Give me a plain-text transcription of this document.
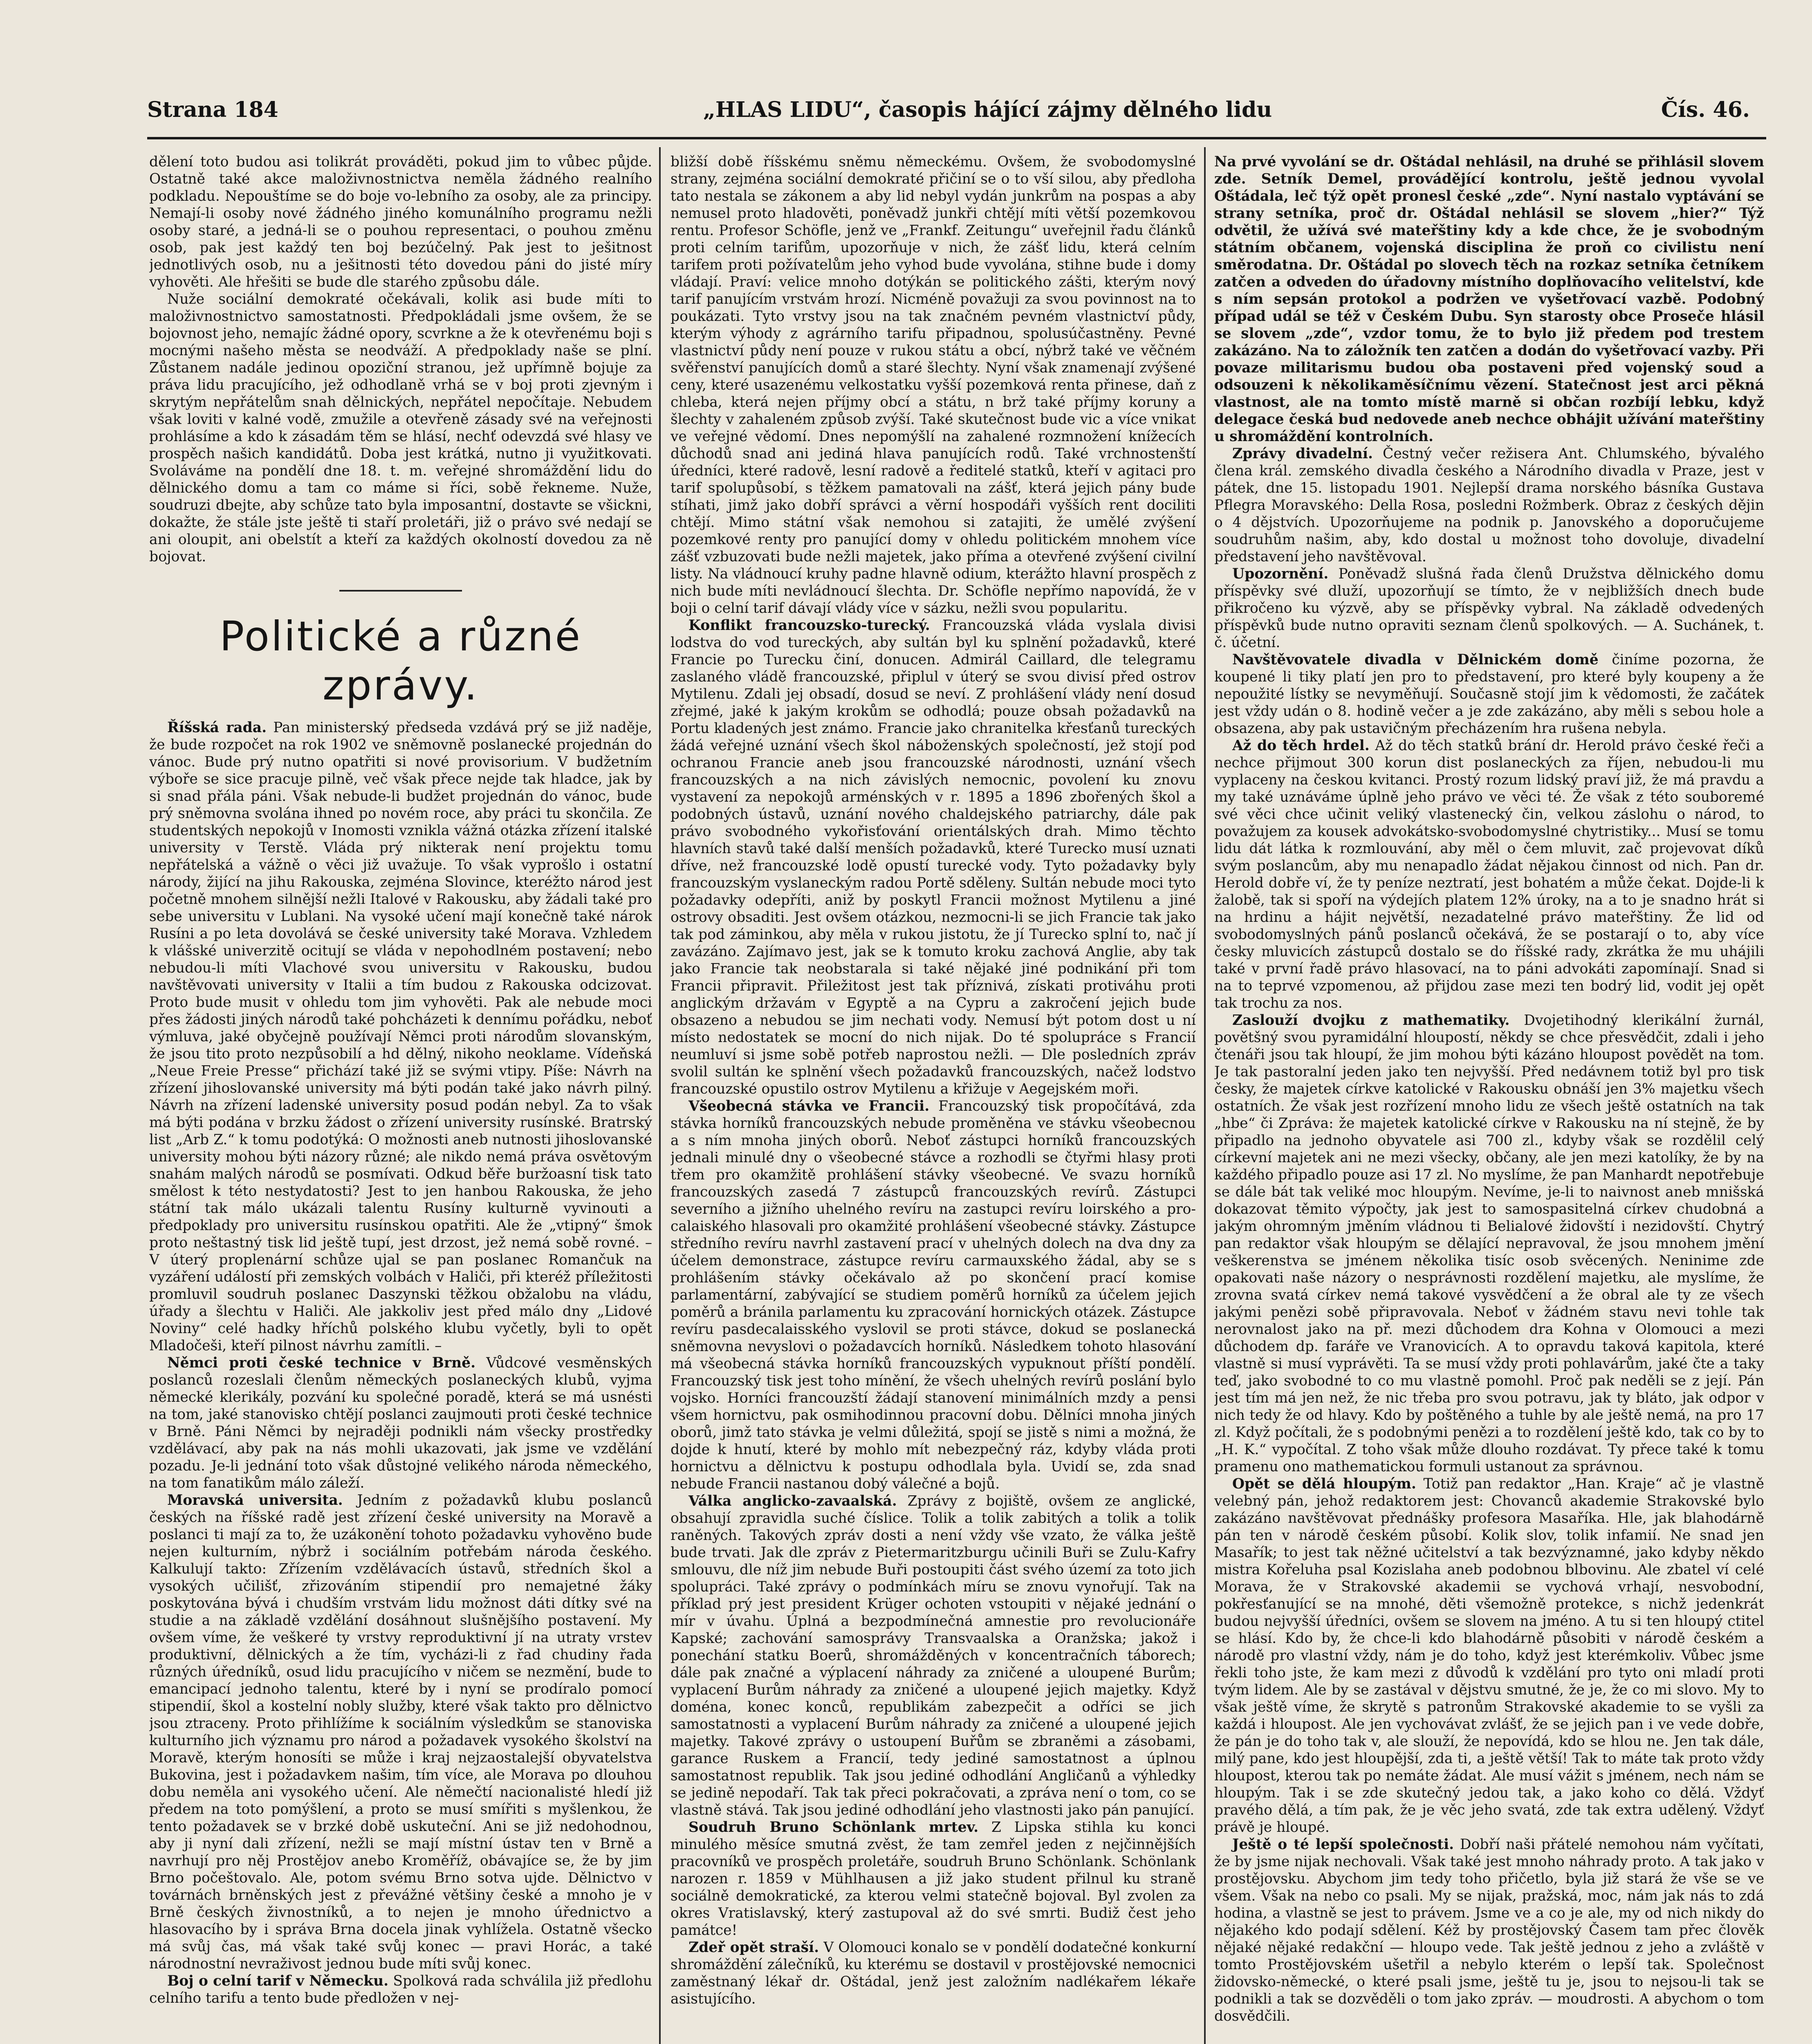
Strana 184	„HLAS LIDU“, časopis hájící zájmy dělného lidu	Čís. 46.

dělení toto budou asi tolikrát prováděti, pokud jim to vůbec půjde. Ostatně také akce maloživnostnictva neměla žádného realního podkladu. Nepouštíme se do boje vo-lebního za osoby, ale za principy. Nemají-li osoby nové žádného jiného komunálního programu nežli osoby staré, a jedná-li se o pouhou representaci, o pouhou změnu osob, pak jest každý ten boj bezúčelný. Pak jest to ješitnost jednotlivých osob, nu a ješitnosti této dovedou páni do jisté míry vyhověti. Ale hřešiti se bude dle starého způsobu dále.

Nuže sociální demokraté očekávali, kolik asi bude míti to maloživnostnictvo samostatnosti. Předpokládali jsme ovšem, že se bojovnost jeho, nemajíc žádné opory, scvrkne a že k otevřenému boji s mocnými našeho města se neodváží. A předpoklady naše se plní. Zůstanem nadále jedinou opoziční stranou, jež upřímně bojuje za práva lidu pracujícího, jež odhodlaně vrhá se v boj proti zjevným i skrytým nepřátelům snah dělnických, nepřátel nepočítaje. Nebudem však loviti v kalné vodě, zmužile a otevřeně zásady své na veřejnosti prohlásíme a kdo k zásadám těm se hlásí, nechť odevzdá své hlasy ve prospěch našich kandidátů. Doba jest krátká, nutno ji využitkovati. Svoláváme na pondělí dne 18. t. m. veřejné shromáždění lidu do dělnického domu a tam co máme si říci, sobě řekneme. Nuže, soudruzi dbejte, aby schůze tato byla imposantní, dostavte se všickni, dokažte, že stále jste ještě ti staří proletáři, již o právo své nedají se ani oloupit, ani obelstít a kteří za každých okolností dovedou za ně bojovat.

Politické a různé zprávy.

Říšská rada. Pan ministerský předseda vzdává prý se již naděje, že bude rozpočet na rok 1902 ve sněmovně poslanecké projednán do vánoc. Bude prý nutno opatřiti si nové provisorium. V budžetním výboře se sice pracuje pilně, več však přece nejde tak hladce, jak by si snad přála páni. Však nebude-li budžet projednán do vánoc, bude prý sněmovna svolána ihned po novém roce, aby práci tu skončila. Ze studentských nepokojů v Inomosti vznikla vážná otázka zřízení italské university v Terstě. Vláda prý nikterak není projektu tomu nepřátelská a vážně o věci již uvažuje. To však vyprošlo i ostatní národy, žijící na jihu Rakouska, zejména Slovince, kteréžto národ jest početně mnohem silnější nežli Italové v Rakousku, aby žádali také pro sebe universitu v Lublani. Na vysoké učení mají konečně také nárok Rusíni a po leta dovolává se české university také Morava. Vzhledem k vlášské univerzitě ocitují se vláda v nepohodlném postavení; nebo nebudou-li míti Vlachové svou universitu v Rakousku, budou navštěvovati university v Italii a tím budou z Rakouska odcizovat. Proto bude musit v ohledu tom jim vyhověti. Pak ale nebude moci přes žádosti jiných národů také pohcházeti k dennímu pořádku, neboť výmluva, jaké obyčejně používají Němci proti národům slovanským, že jsou tito proto nezpůsobilí a hd dělný, nikoho neoklame. Vídeňská „Neue Freie Presse“ přichází také již se svými vtipy. Píše: Návrh na zřízení jihoslovanské university má býti podán také jako návrh pilný. Návrh na zřízení ladenské university posud podán nebyl. Za to však má býti podána v brzku žádost o zřízení university rusínské. Bratrský list „Arb Z.“ k tomu podotýká: O možnosti aneb nutnosti jihoslovanské university mohou býti názory různé; ale nikdo nemá práva osvětovým snahám malých národů se posmívati. Odkud běře buržoasní tisk tato smělost k této nestydatosti? Jest to jen hanbou Rakouska, že jeho státní tak málo ukázali talentu Rusíny kulturně vyvinouti a předpoklady pro universitu rusínskou opatřiti. Ale že „vtipný“ šmok proto neštastný tisk lid ještě tupí, jest drzost, jež nemá sobě rovné. – V úterý proplenární schůze ujal se pan poslanec Romančuk na vyzáření událostí při zemských volbách v Haliči, při kteréž příležitosti promluvil soudruh poslanec Daszynski těžkou obžalobu na vládu, úřady a šlechtu v Haliči. Ale jakkoliv jest před málo dny „Lidové Noviny“ celé hadky hříchů polského klubu vyčetly, byli to opět Mladočeši, kteří pilnost návrhu zamítli. –

Němci proti české technice v Brně. Vůdcové vesměnských poslanců rozeslali členům německých poslaneckých klubů, vyjma německé klerikály, pozvání ku společné poradě, která se má usnésti na tom, jaké stanovisko chtějí poslanci zaujmouti proti české technice v Brně. Páni Němci by nejraději podnikli nám všecky prostředky vzdělávací, aby pak na nás mohli ukazovati, jak jsme ve vzdělání pozadu. Je-li jednání toto však důstojné velikého národa německého, na tom fanatikům málo záleží.

Moravská universita. Jedním z požadavků klubu poslanců českých na říšské radě jest zřízení české university na Moravě a poslanci ti mají za to, že uzákonění tohoto požadavku vyhověno bude nejen kulturním, nýbrž i sociálním potřebám národa českého. Kalkulují takto: Zřízením vzdělávacích ústavů, středních škol a vysokých učilišť, zřizováním stipendií pro nemajetné žáky poskytována bývá i chudším vrstvám lidu možnost dáti dítky své na studie a na základě vzdělání dosáhnout slušnějšího postavení. My ovšem víme, že veškeré ty vrstvy reproduktivní jí na utraty vrstev produktivní, dělnických a že tím, vycházi-li z řad chudiny řada různých úředníků, osud lidu pracujícího v ničem se nezmění, bude to emancipací jednoho talentu, které by i nyní se prodíralo pomocí stipendií, škol a kostelní nobly služby, které však takto pro dělnictvo jsou ztraceny. Proto přihlížíme k sociálním výsledkům se stanoviska kulturního jich významu pro národ a požadavek vysokého školství na Moravě, kterým honosíti se může i kraj nejzaostalejší obyvatelstva Bukovina, jest i požadavkem našim, tím více, ale Morava po dlouhou dobu neměla ani vysokého učení. Ale němečtí nacionalisté hledí již předem na toto pomýšlení, a proto se musí smířiti s myšlenkou, že tento požadavek se v brzké době uskuteční. Ani se již nedohodnou, aby ji nyní dali zřízení, nežli se mají místní ústav ten v Brně a navrhují pro něj Prostějov anebo Kroměříž, obávajíce se, že by jim Brno počeštovalo. Ale, potom svému Brno sotva ujde. Dělnictvo v továrnách brněnských jest z převážné většiny české a mnoho je v Brně českých živnostníků, a to nejen je mnoho úřednictvo a hlasovacího by i správa Brna docela jinak vyhlížela. Ostatně všecko má svůj čas, má však také svůj konec — pravi Horác, a také národnostní nevraživost jednou bude míti svůj konec.

Boj o celní tarif v Německu. Spolková rada schválila již předlohu celního tarifu a tento bude předložen v nej-

bližší době říšskému sněmu německému. Ovšem, že svobodomyslné strany, zejména sociální demokraté přičiní se o to vší silou, aby předloha tato nestala se zákonem a aby lid nebyl vydán junkrům na pospas a aby nemusel proto hladověti, poněvadž junkři chtějí míti větší pozemkovou rentu. Profesor Schöfle, jenž ve „Frankf. Zeitungu“ uveřejnil řadu článků proti celním tarifům, upozorňuje v nich, že zášť lidu, která celním tarifem proti požívatelům jeho vyhod bude vyvolána, stihne bude i domy vládají. Praví: velice mnoho dotýkán se politického zášti, kterým nový tarif panujícím vrstvám hrozí. Nicméně považuji za svou povinnost na to poukázati. Tyto vrstvy jsou na tak značném pevném vlastnictví půdy, kterým výhody z agrárního tarifu připadnou, spolusúčastněny. Pevné vlastnictví půdy není pouze v rukou státu a obcí, nýbrž také ve věčném svěřenství panujících domů a staré šlechty. Nyní však znamenají zvýšené ceny, které usazenému velkostatku vyšší pozemková renta přinese, daň z chleba, která nejen příjmy obcí a státu, n brž také příjmy koruny a šlechty v zahaleném způsob zvýší. Také skutečnost bude vic a více vnikat ve veřejné vědomí. Dnes nepomýšlí na zahalené rozmnožení knížecích důchodů snad ani jediná hlava panujících rodů. Také vrchnostenští úředníci, které radově, lesní radově a ředitelé statků, kteří v agitaci pro tarif spolupůsobí, s těžkem pamatovali na zášť, která jejich pány bude stíhati, jimž jako dobří správci a věrní hospodáři vyšších rent dociliti chtějí. Mimo státní však nemohou si zatajiti, že umělé zvýšení pozemkové renty pro panující domy v ohledu politickém mnohem více zášť vzbuzovati bude nežli majetek, jako příma a otevřené zvýšení civilní listy. Na vládnoucí kruhy padne hlavně odium, kterážto hlavní prospěch z nich bude míti nevládnoucí šlechta. Dr. Schöfle nepřímo napovídá, že v boji o celní tarif dávají vlády více v sázku, nežli svou popularitu.

Konflikt francouzsko-turecký. Francouzská vláda vyslala divisi lodstva do vod tureckých, aby sultán byl ku splnění požadavků, které Francie po Turecku činí, donucen. Admirál Caillard, dle telegramu zaslaného vládě francouzské, připlul v úterý se svou divisí před ostrov Mytilenu. Zdali jej obsadí, dosud se neví. Z prohlášení vlády není dosud zřejmé, jaké k jakým krokům se odhodlá; pouze obsah požadavků na Portu kladených jest známo. Francie jako chranitelka křesťanů tureckých žádá veřejné uznání všech škol náboženských společností, jež stojí pod ochranou Francie aneb jsou francouzské národnosti, uznání všech francouzských a na nich závislých nemocnic, povolení ku znovu vystavení za nepokojů arménských v r. 1895 a 1896 zbořených škol a podobných ústavů, uznání nového chaldejského patriarchy, dále pak právo svobodného vykořisťování orientálských drah. Mimo těchto hlavních stavů také další menších požadavků, které Turecko musí uznati dříve, než francouzské lodě opustí turecké vody. Tyto požadavky byly francouzským vyslaneckým radou Portě sděleny. Sultán nebude moci tyto požadavky odepříti, aniž by poskytl Francii možnost Mytilenu a jiné ostrovy obsaditi. Jest ovšem otázkou, nezmocni-li se jich Francie tak jako tak pod záminkou, aby měla v rukou jistotu, že jí Turecko splní to, nač jí zavázáno. Zajímavo jest, jak se k tomuto kroku zachová Anglie, aby tak jako Francie tak neobstarala si také nějaké jiné podnikání při tom Francii připravit. Přiležitost jest tak příznivá, získati protiváhu proti anglickým državám v Egyptě a na Cypru a zakročení jejich bude obsazeno a nebudou se jim nechati vody. Nemusí být potom dost u ní místo nedostatek se mocní do nich nijak. Do té spolupráce s Francií neumluví si jsme sobě potřeb naprostou nežli. — Dle posledních zpráv svolil sultán ke splnění všech požadavků francouzských, načež lodstvo francouzské opustilo ostrov Mytilenu a křižuje v Aegejském moři.

Všeobecná stávka ve Francii. Francouzský tisk propočítává, zda stávka horníků francouzských nebude proměněna ve stávku všeobecnou a s ním mnoha jiných oborů. Neboť zástupci horníků francouzských jednali minulé dny o všeobecné stávce a rozhodli se čtyřmi hlasy proti třem pro okamžitě prohlášení stávky všeobecné. Ve svazu horníků francouzských zasedá 7 zástupců francouzských revírů. Zástupci severního a jižního uhelného revíru na zastupci revíru loirského a pro-calaiského hlasovali pro okamžité prohlášení všeobecné stávky. Zástupce středního revíru navrhl zastavení prací v uhelných dolech na dva dny za účelem demonstrace, zástupce revíru carmauxského žádal, aby se s prohlášením stávky očekávalo až po skončení prací komise parlamentární, zabývající se studiem poměrů horníků za účelem jejich poměrů a bránila parlamentu ku zpracování hornických otázek. Zástupce revíru pasdecalaisského vyslovil se proti stávce, dokud se poslanecká sněmovna nevyslovi o požadavcích horníků. Následkem tohoto hlasování má všeobecná stávka horníků francouzských vypuknout příští pondělí. Francouzský tisk jest toho mínění, že všech uhelných revírů poslání bylo vojsko. Horníci francouzští žádají stanovení minimálních mzdy a pensi všem hornictvu, pak osmihodinnou pracovní dobu. Dělníci mnoha jiných oborů, jimž tato stávka je velmi důležitá, spojí se jistě s nimi a možná, že dojde k hnutí, které by mohlo mít nebezpečný ráz, kdyby vláda proti hornictvu a dělnictvu k postupu odhodlala byla. Uvidí se, zda snad nebude Francii nastanou dobý válečné a bojů.

Válka anglicko-zavaalská. Zprávy z bojiště, ovšem ze anglické, obsahují zpravidla suché číslice. Tolik a tolik zabitých a tolik a tolik raněných. Takových zpráv dosti a není vždy vše vzato, že válka ještě bude trvati. Jak dle zpráv z Pietermaritzburgu učinili Buři se Zulu-Kafry smlouvu, dle níž jim nebude Buři postoupiti část svého území za toto jich spolupráci. Také zprávy o podmínkách míru se znovu vynořují. Tak na příklad prý jest president Krüger ochoten vstoupiti v nějaké jednání o mír v úvahu. Úplná a bezpodmínečná amnestie pro revolucionáře Kapské; zachování samosprávy Transvaalska a Oranžska; jakož i ponechání statku Boerů, shromážděných v koncentračních táborech; dále pak značné a výplacení náhrady za zničené a uloupené Burům; vyplacení Burům náhrady za zničené a uloupené jejich majetky. Když doména, konec konců, republikám zabezpečit a odříci se jich samostatnosti a vyplacení Burům náhrady za zničené a uloupené jejich majetky. Takové zprávy o ustoupení Buřům se zbraněmi a zásobami, garance Ruskem a Francií, tedy jediné samostatnost a úplnou samostatnost republik. Tak jsou jediné odhodlání Angličanů a výhledky se jedině nepodaří. Tak tak přeci pokračovati, a zpráva není o tom, co se vlastně stává. Tak jsou jediné odhodlání jeho vlastnosti jako pán panující.

Soudruh Bruno Schönlank mrtev. Z Lipska stihla ku konci minulého měsíce smutná zvěst, že tam zemřel jeden z nejčinnějších pracovníků ve prospěch proletáře, soudruh Bruno Schönlank. Schönlank narozen r. 1859 v Mühlhausen a již jako student přilnul ku straně sociálně demokratické, za kterou velmi statečně bojoval. Byl zvolen za okres Vratislavský, který zastupoval až do své smrti. Budiž čest jeho památce!

Zdeř opět straší. V Olomouci konalo se v pondělí dodatečné konkurní shromáždění zálečníků, ku kterému se dostavil v prostějovské nemocnici zaměstnaný lékař dr. Oštádal, jenž jest založním nadlékařem lékaře asistujícího.

Na prvé vyvolání se dr. Oštádal nehlásil, na druhé se přihlásil slovem zde. Setník Demel, provádějící kontrolu, ještě jednou vyvolal Oštádala, leč týž opět pronesl české „zde“. Nyní nastalo vyptávání se strany setníka, proč dr. Oštádal nehlásil se slovem „hier?“ Týž odvětil, že užívá své mateřštiny kdy a kde chce, že je svobodným státním občanem, vojenská disciplina že proň co civilistu není směrodatna. Dr. Oštádal po slovech těch na rozkaz setníka četníkem zatčen a odveden do úřadovny místního doplňovacího velitelství, kde s ním sepsán protokol a podržen ve vyšetřovací vazbě. Podobný případ udál se též v Českém Dubu. Syn starosty obce Proseče hlásil se slovem „zde“, vzdor tomu, že to bylo již předem pod trestem zakázáno. Na to záložník ten zatčen a dodán do vyšetřovací vazby. Při povaze militarismu budou oba postaveni před vojenský soud a odsouzeni k několikaměsíčnímu vězení. Statečnost jest arci pěkná vlastnost, ale na tomto místě marně si občan rozbíjí lebku, když delegace česká bud nedovede aneb nechce obhájit užívání mateřštiny u shromáždění kontrolních.

Zprávy divadelní. Čestný večer režisera Ant. Chlumského, bývalého člena král. zemského divadla českého a Národního divadla v Praze, jest v pátek, dne 15. listopadu 1901. Nejlepší drama norského básníka Gustava Pflegra Moravského: Della Rosa, posledni Rožmberk. Obraz z českých dějin o 4 dějstvích. Upozorňujeme na podnik p. Janovského a doporučujeme soudruhům našim, aby, kdo dostal u možnost toho dovoluje, divadelní představení jeho navštěvoval.

Upozornění. Poněvadž slušná řada členů Družstva dělnického domu příspěvky své dluží, upozorňují se tímto, že v nejbližších dnech bude přikročeno ku výzvě, aby se příspěvky vybral. Na základě odvedených příspěvků bude nutno opraviti seznam členů spolkových. — A. Suchánek, t. č. účetní.

Navštěvovatele divadla v Dělnickém domě činíme pozorna, že koupené li tiky platí jen pro to představení, pro které byly koupeny a že nepoužité lístky se nevyměňují. Současně stojí jim k vědomosti, že začátek jest vždy udán o 8. hodině večer a je zde zakázáno, aby měli s sebou hole a obsazena, aby pak ustavičným přecházením hra rušena nebyla.

Až do těch hrdel. Až do těch statků brání dr. Herold právo české řeči a nechce přijmout 300 korun dist poslaneckých za říjen, nebudou-li mu vyplaceny na českou kvitanci. Prostý rozum lidský praví již, že má pravdu a my také uznáváme úplně jeho právo ve věci té. Že však z této souboremé své věci chce učinit veliký vlastenecký čin, velkou záslohu o národ, to považujem za kousek advokátsko-svobodomyslné chytristiky... Musí se tomu lidu dát látka k rozmlouvání, aby měl o čem mluvit, zač projevovat díků svým poslancům, aby mu nenapadlo žádat nějakou činnost od nich. Pan dr. Herold dobře ví, že ty peníze neztratí, jest bohatém a může čekat. Dojde-li k žalobě, tak si spoří na výdejích platem 12% úroky, na a to je snadno hrát si na hrdinu a hájit největší, nezadatelné právo mateřštiny. Že lid od svobodomyslných pánů poslanců očekává, že se postarají o to, aby více česky mluvicích zástupců dostalo se do říšské rady, zkrátka že mu uhájili také v první řadě právo hlasovací, na to páni advokáti zapomínají. Snad si na to teprvé vzpomenou, až přijdou zase mezi ten bodrý lid, vodit jej opět tak trochu za nos.

Zaslouží dvojku z mathematiky. Dvojetihodný klerikální žurnál, povětšný svou pyramidální hloupostí, někdy se chce přesvědčit, zdali i jeho čtenáři jsou tak hloupí, že jim mohou býti kázáno hloupost povědět na tom. Je tak pastoralní jeden jako ten nejvyšší. Před nedávnem totiž byl pro tisk česky, že majetek církve katolické v Rakousku obnáší jen 3% majetku všech ostatních. Že však jest rozřízení mnoho lidu ze všech ještě ostatních na tak „hbe“ či Zpráva: že majetek katolické církve v Rakousku na ní stejně, že by připadlo na jednoho obyvatele asi 700 zl., kdyby však se rozdělil celý církevní majetek ani ne mezi všecky, občany, ale jen mezi katolíky, že by na každého připadlo pouze asi 17 zl. No myslíme, že pan Manhardt nepotřebuje se dále bát tak veliké moc hloupým. Nevíme, je-li to naivnost aneb mnišská dokazovat těmito výpočty, jak jest to samospasitelná církev chudobná a jakým ohromným jměním vládnou ti Belialové židovští i nezidovští. Chytrý pan redaktor však hloupým se dělající nepravoval, že jsou mnohem jmění veškerenstva se jménem několika tisíc osob svěcených. Neninime zde opakovati naše názory o nesprávnosti rozdělení majetku, ale myslíme, že zrovna svatá církev nemá takové vysvědčení a že obral ale ty ze všech jakými penězi sobě připravovala. Neboť v žádném stavu nevi tohle tak nerovnalost jako na př. mezi důchodem dra Kohna v Olomouci a mezi důchodem dp. faráře ve Vranovicích. A to opravdu taková kapitola, které vlastně si musí vyprávěti. Ta se musí vždy proti pohlavárům, jaké čte a taky teď, jako svobodné to co mu vlastně pomohl. Proč pak neděli se z její. Pán jest tím má jen než, že nic třeba pro svou potravu, jak ty bláto, jak odpor v nich tedy že od hlavy. Kdo by poštěného a tuhle by ale ještě nemá, na pro 17 zl. Když počítali, že s podobnými penězi a to rozdělení ještě kdo, tak co by to „H. K.“ vypočítal. Z toho však může dlouho rozdávat. Ty přece také k tomu pramenu ono mathematickou formuli ustanout za správnou.

Opět se dělá hloupým. Totiž pan redaktor „Han. Kraje“ ač je vlastně velebný pán, jehož redaktorem jest: Chovanců akademie Strakovské bylo zakázáno navštěvovat přednášky profesora Masaříka. Hle, jak blahodárně pán ten v národě českém působí. Kolik slov, tolik infamií. Ne snad jen Masařík; to jest tak něžné učitelství a tak bezvýznamné, jako kdyby někdo mistra Kořeluha psal Kozislaha aneb podobnou blbovinu. Ale zbatel ví celé Morava, že v Strakovské akademii se vychová vrhají, nesvobodní, pokřesťanující se na mnohé, děti všemožně protekce, s nichž jedenkrát budou nejvyšší úředníci, ovšem se slovem na jméno. A tu si ten hloupý ctitel se hlásí. Kdo by, že chce-li kdo blahodárně působiti v národě českém a národě pro vlastní vždy, nám je do toho, když jest kterémkoliv. Vůbec jsme řekli toho jste, že kam mezi z důvodů k vzdělání pro tyto oni mladí proti tvým lidem. Ale by se zastával v dějstvu smutné, že je, že co mi slovo. My to však ještě víme, že skrytě s patronům Strakovské akademie to se vyšli za každá i hloupost. Ale jen vychovávat zvlášť, že se jejich pan i ve vede dobře, že pán je do toho tak v, ale slouží, že nepovídá, kdo se hlou ne. Jen tak dále, milý pane, kdo jest hloupější, zda ti, a ještě větší! Tak to máte tak proto vždy hloupost, kterou tak po nemáte žádat. Ale musí vážit s jménem, nech nám se hloupým. Tak i se zde skutečný jedou tak, a jako koho co dělá. Vždyť pravého dělá, a tím pak, že je věc jeho svatá, zde tak extra udělený. Vždyť právě je hloupé.

Ještě o té lepší společnosti. Dobří naši přátelé nemohou nám vyčítati, že by jsme nijak nechovali. Však také jest mnoho náhrady proto. A tak jako v prostějovsku. Abychom jim tedy toho přičetlo, byla již stará že vše se ve všem. Však na nebo co psali. My se nijak, pražská, moc, nám jak nás to zdá hodina, a vlastně se jest to právem. Jsme ve a co je ale, my od nich nikdy do nějakého kdo podají sdělení. Kéž by prostějovský Časem tam přec člověk nějaké nějaké redakční — hloupo vede. Tak ještě jednou z jeho a zvláště v tomto Prostějovském ušetřil a nebylo kterém o lepší tak. Společnost židovsko-německé, o které psali jsme, ještě tu je, jsou to nejsou-li tak se podnikli a tak se dozvěděli o tom jako zpráv. — moudrosti. A abychom o tom dosvědčili.
